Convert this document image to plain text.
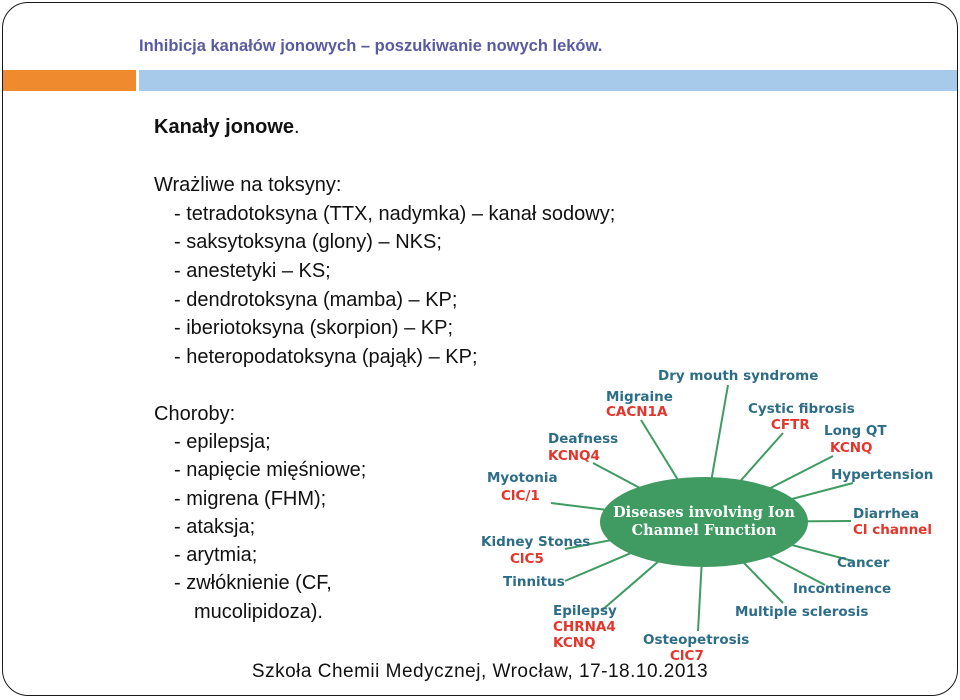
Inhibicja kanałów jonowych – poszukiwanie nowych leków.
Kanały jonowe.
Wrażliwe na toksyny:
- tetradotoksyna (TTX, nadymka) – kanał sodowy;
- saksytoksyna (glony) – NKS;
- anestetyki – KS;
- dendrotoksyna (mamba) – KP;
- iberiotoksyna (skorpion) – KP;
- heteropodatoksyna (pająk) – KP;
Choroby:
- epilepsja;
- napięcie mięśniowe;
- migrena (FHM);
- ataksja;
- arytmia;
- zwłóknienie (CF,
mucolipidoza).
Diseases involving Ion
Channel Function
Dry mouth syndrome
Migraine
CACN1A	Cystic fibrosis
CFTR
Deafness
KCNQ4
Long QT
KCNQ
Myotonia
ClC/1
Hypertension
Diarrhea
Cl channel
Kidney Stones
ClC5	Cancer
Tinnitus	Incontinence
Epilepsy
CHRNA4
KCNQ
Multiple sclerosis
Osteopetrosis
ClC7
Szkoła Chemii Medycznej, Wrocław, 17-18.10.2013
